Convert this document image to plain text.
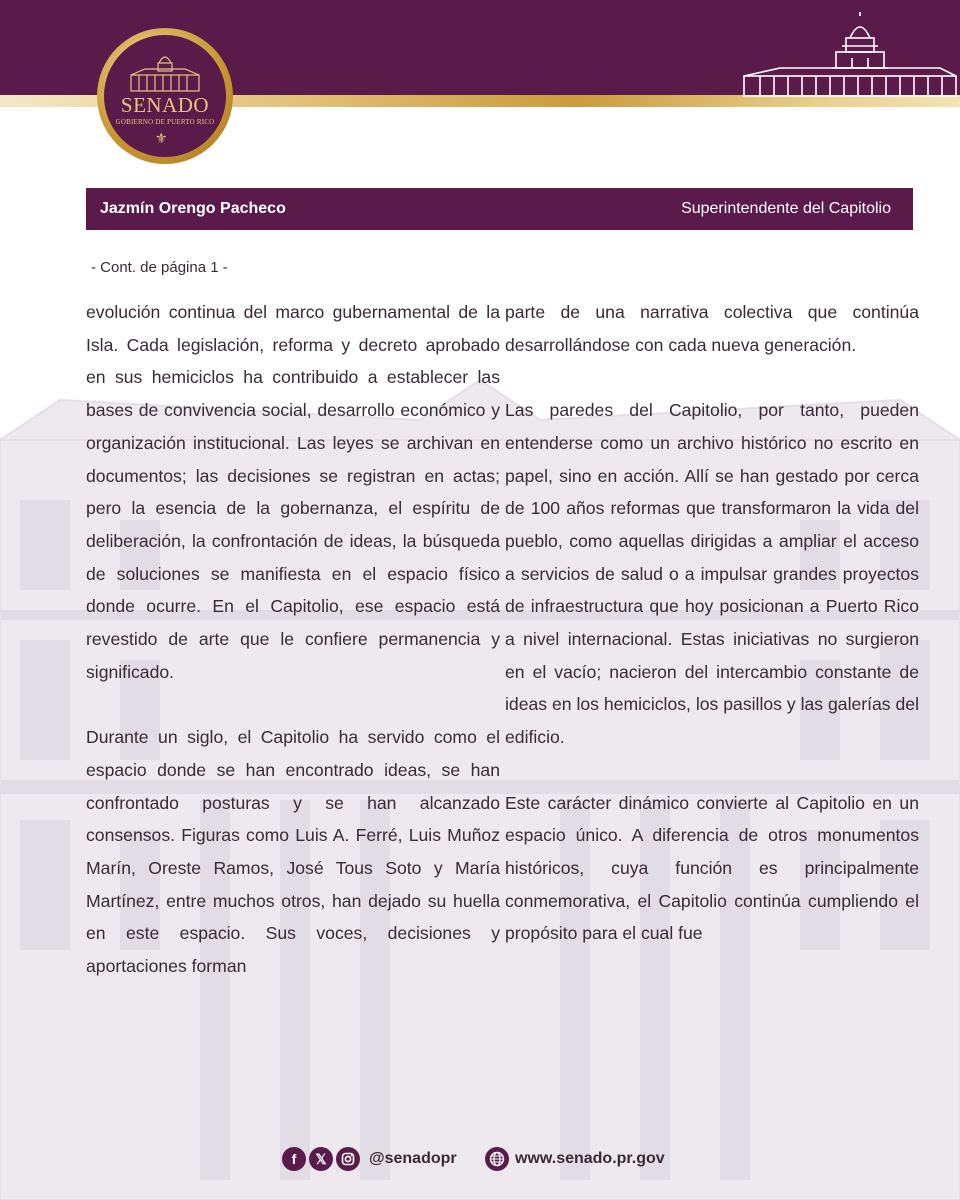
SENADO
GOBIERNO DE PUERTO RICO
⚜
Jazmín Orengo Pacheco	Superintendente del Capitolio
- Cont. de página 1 -

evolución continua del marco gubernamental de la Isla. Cada legislación, reforma y decreto aprobado en sus hemiciclos ha contribuido a establecer las bases de convivencia social, desarrollo económico y organización institucional. Las leyes se archivan en documentos; las decisiones se registran en actas; pero la esencia de la gobernanza, el espíritu de deliberación, la confrontación de ideas, la búsqueda de soluciones se manifiesta en el espacio físico donde ocurre. En el Capitolio, ese espacio está revestido de arte que le confiere permanencia y significado.

Durante un siglo, el Capitolio ha servido como el espacio donde se han encontrado ideas, se han confrontado posturas y se han alcanzado consensos. Figuras como Luis A. Ferré, Luis Muñoz Marín, Oreste Ramos, José Tous Soto y María Martínez, entre muchos otros, han dejado su huella en este espacio. Sus voces, decisiones y aportaciones forman

parte de una narrativa colectiva que continúa desarrollándose con cada nueva generación.

Las paredes del Capitolio, por tanto, pueden entenderse como un archivo histórico no escrito en papel, sino en acción. Allí se han gestado por cerca de 100 años reformas que transformaron la vida del pueblo, como aquellas dirigidas a ampliar el acceso a servicios de salud o a impulsar grandes proyectos de infraestructura que hoy posicionan a Puerto Rico a nivel internacional. Estas iniciativas no surgieron en el vacío; nacieron del intercambio constante de ideas en los hemiciclos, los pasillos y las galerías del edificio.

Este carácter dinámico convierte al Capitolio en un espacio único. A diferencia de otros monumentos históricos, cuya función es principalmente conmemorativa, el Capitolio continúa cumpliendo el propósito para el cual fue

f	𝕏	@senadopr	www.senado.pr.gov
